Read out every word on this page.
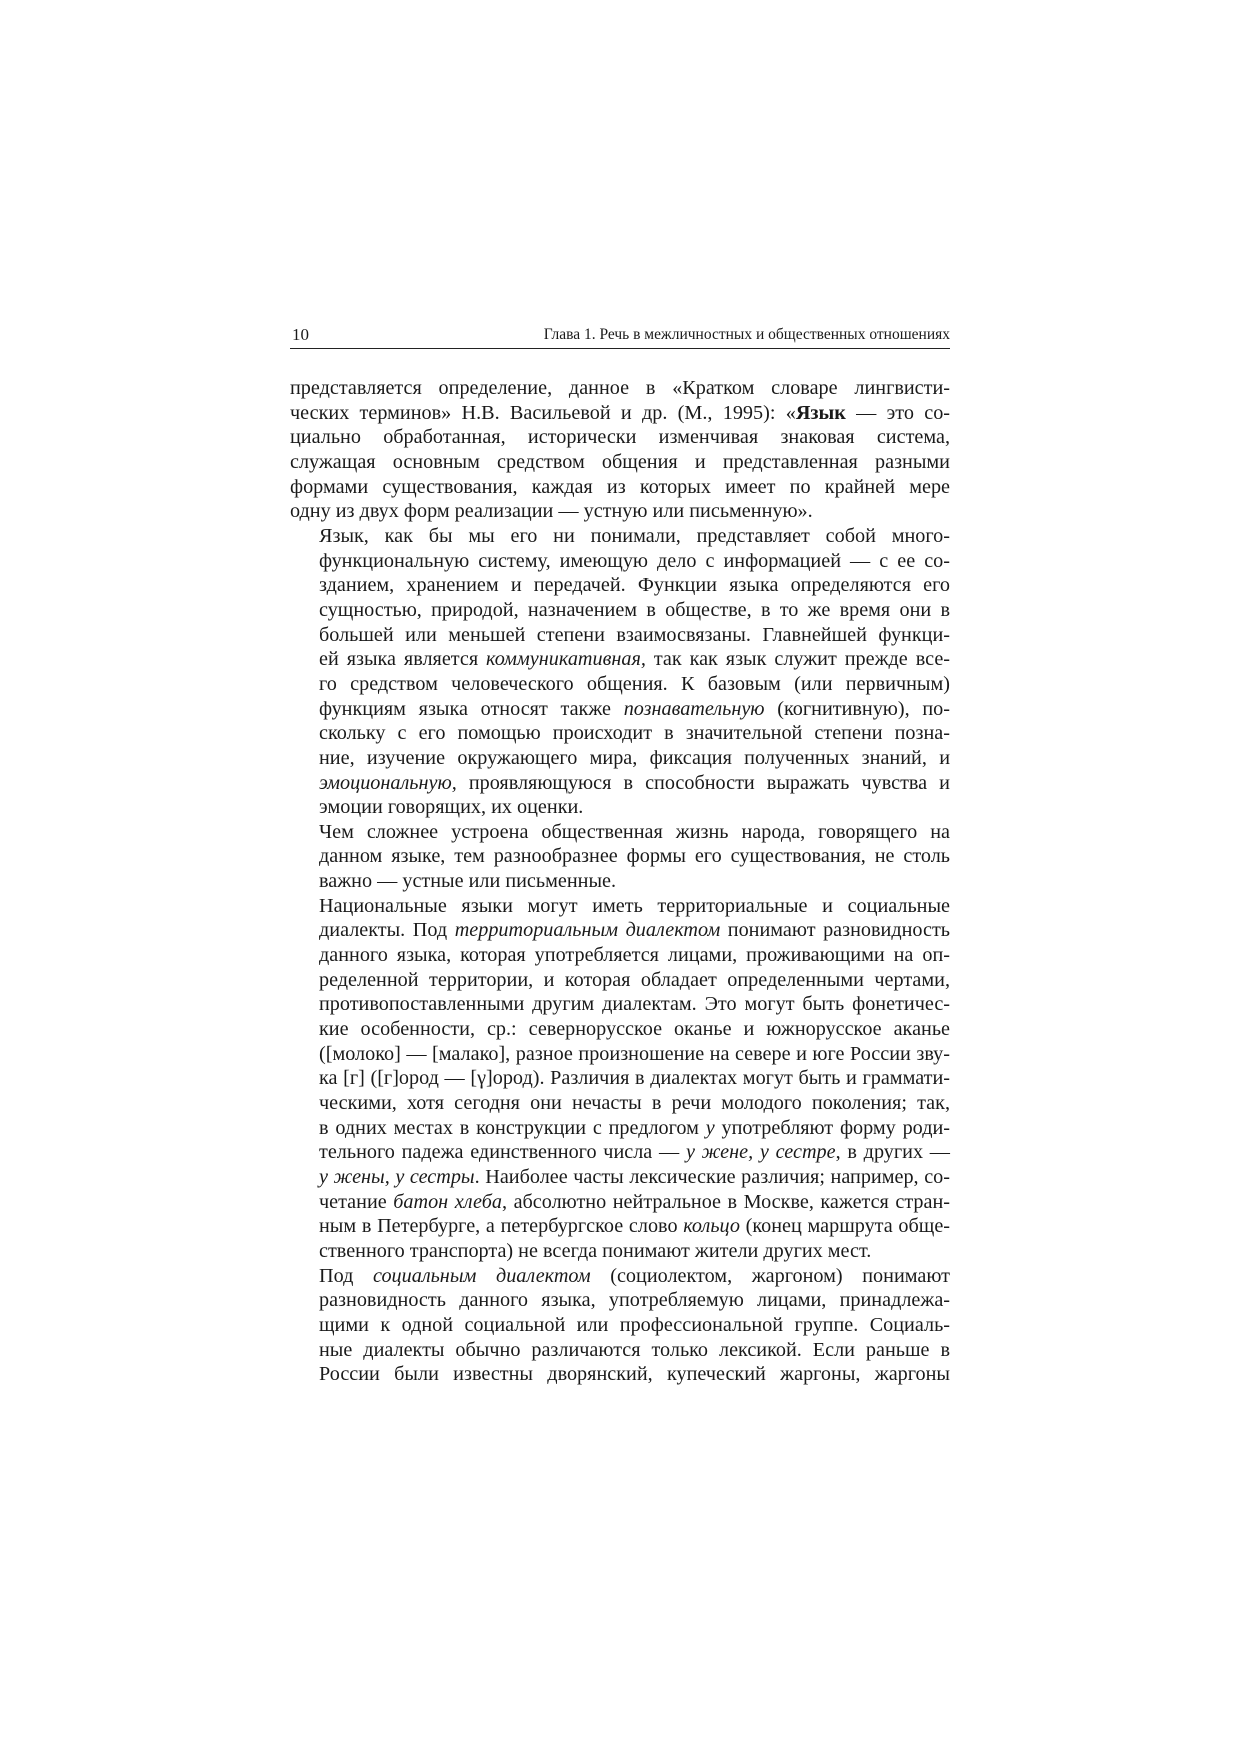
10	Глава 1. Речь в межличностных и общественных отношениях
представляется определение, данное в «Кратком словаре лингвисти-
ческих терминов» Н.В. Васильевой и др. (М., 1995): «Язык — это со-
циально обработанная, исторически изменчивая знаковая система,
служащая основным средством общения и представленная разными
формами существования, каждая из которых имеет по крайней мере
одну из двух форм реализации — устную или письменную».
Язык, как бы мы его ни понимали, представляет собой много-
функциональную систему, имеющую дело с информацией — с ее со-
зданием, хранением и передачей. Функции языка определяются его
сущностью, природой, назначением в обществе, в то же время они в
большей или меньшей степени взаимосвязаны. Главнейшей функци-
ей языка является коммуникативная, так как язык служит прежде все-
го средством человеческого общения. К базовым (или первичным)
функциям языка относят также познавательную (когнитивную), по-
скольку с его помощью происходит в значительной степени позна-
ние, изучение окружающего мира, фиксация полученных знаний, и
эмоциональную, проявляющуюся в способности выражать чувства и
эмоции говорящих, их оценки.
Чем сложнее устроена общественная жизнь народа, говорящего на
данном языке, тем разнообразнее формы его существования, не столь
важно — устные или письменные.
Национальные языки могут иметь территориальные и социальные
диалекты. Под территориальным диалектом понимают разновидность
данного языка, которая употребляется лицами, проживающими на оп-
ределенной территории, и которая обладает определенными чертами,
противопоставленными другим диалектам. Это могут быть фонетичес-
кие особенности, ср.: севернорусское оканье и южнорусское аканье
([молоко] — [малако], разное произношение на севере и юге России зву-
ка [г] ([г]ород — [γ]ород). Различия в диалектах могут быть и граммати-
ческими, хотя сегодня они нечасты в речи молодого поколения; так,
в одних местах в конструкции с предлогом у употребляют форму роди-
тельного падежа единственного числа — у жене, у сестре, в других —
у жены, у сестры. Наиболее часты лексические различия; например, со-
четание батон хлеба, абсолютно нейтральное в Москве, кажется стран-
ным в Петербурге, а петербургское слово кольцо (конец маршрута обще-
ственного транспорта) не всегда понимают жители других мест.
Под социальным диалектом (социолектом, жаргоном) понимают
разновидность данного языка, употребляемую лицами, принадлежа-
щими к одной социальной или профессиональной группе. Социаль-
ные диалекты обычно различаются только лексикой. Если раньше в
России были известны дворянский, купеческий жаргоны, жаргоны
